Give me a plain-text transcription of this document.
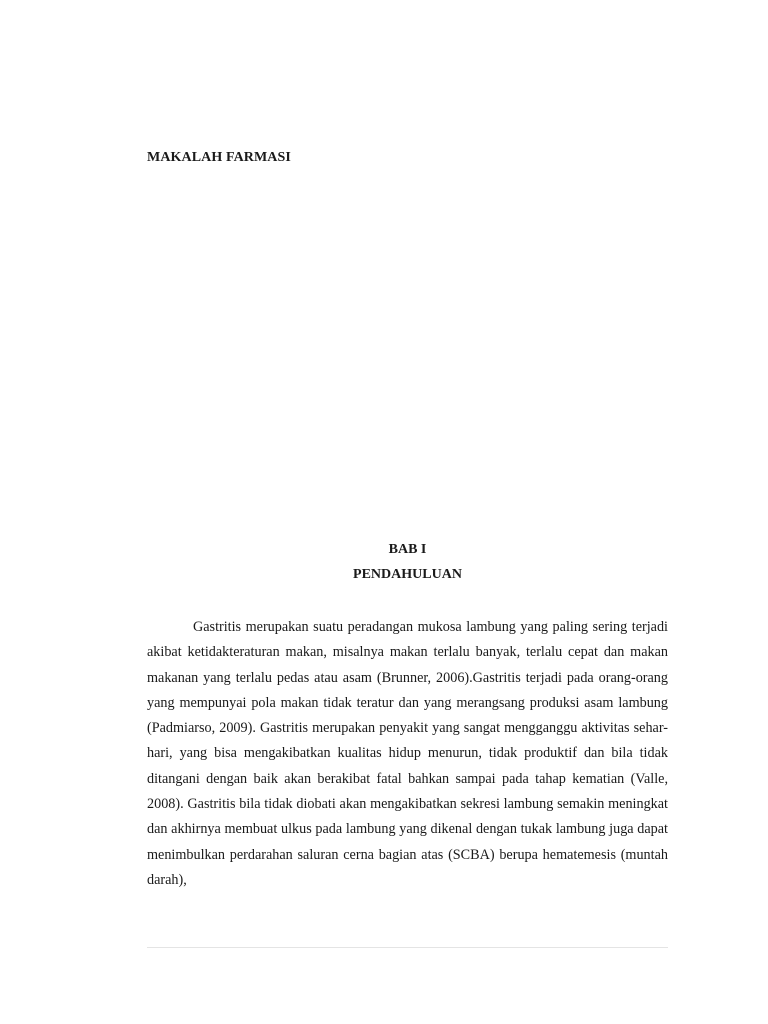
MAKALAH FARMASI
BAB I
PENDAHULUAN

Gastritis merupakan suatu peradangan mukosa lambung yang paling sering terjadi akibat ketidakteraturan makan, misalnya makan terlalu banyak, terlalu cepat dan makan makanan yang terlalu pedas atau asam (Brunner, 2006).Gastritis terjadi pada orang-orang yang mempunyai pola makan tidak teratur dan yang merangsang produksi asam lambung (Padmiarso, 2009). Gastritis merupakan penyakit yang sangat mengganggu aktivitas sehar-hari, yang bisa mengakibatkan kualitas hidup menurun, tidak produktif dan bila tidak ditangani dengan baik akan berakibat fatal bahkan sampai pada tahap kematian (Valle, 2008). Gastritis bila tidak diobati akan mengakibatkan sekresi lambung semakin meningkat dan akhirnya membuat ulkus pada lambung yang dikenal dengan tukak lambung juga dapat menimbulkan perdarahan saluran cerna bagian atas (SCBA) berupa hematemesis (muntah darah),
